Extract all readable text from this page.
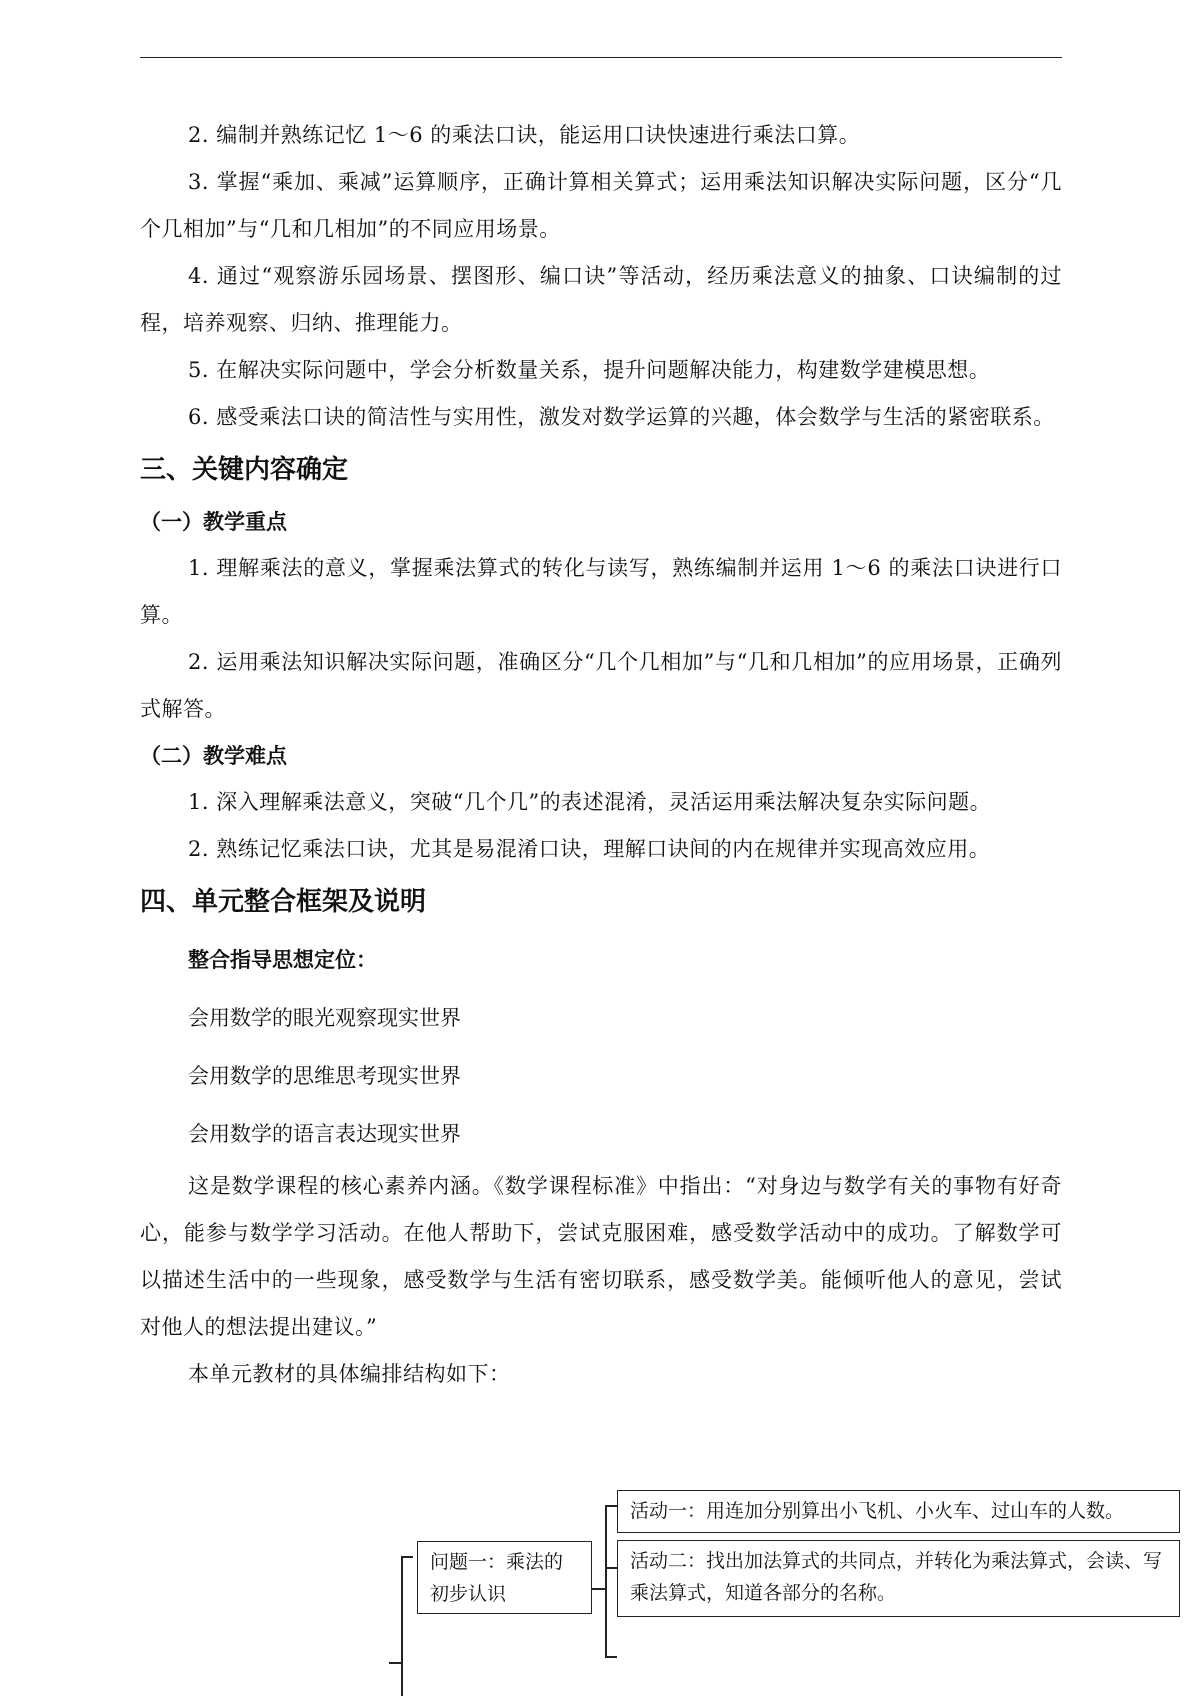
2. 编制并熟练记忆 1～6 的乘法口诀，能运用口诀快速进行乘法口算。

3. 掌握“乘加、乘减”运算顺序，正确计算相关算式；运用乘法知识解决实际问题，区分“几个几相加”与“几和几相加”的不同应用场景。

4. 通过“观察游乐园场景、摆图形、编口诀”等活动，经历乘法意义的抽象、口诀编制的过程，培养观察、归纳、推理能力。

5. 在解决实际问题中，学会分析数量关系，提升问题解决能力，构建数学建模思想。

6. 感受乘法口诀的简洁性与实用性，激发对数学运算的兴趣，体会数学与生活的紧密联系。

三、关键内容确定
（一）教学重点

1. 理解乘法的意义，掌握乘法算式的转化与读写，熟练编制并运用 1～6 的乘法口诀进行口算。

2. 运用乘法知识解决实际问题，准确区分“几个几相加”与“几和几相加”的应用场景，正确列式解答。

（二）教学难点

1. 深入理解乘法意义，突破“几个几”的表述混淆，灵活运用乘法解决复杂实际问题。

2. 熟练记忆乘法口诀，尤其是易混淆口诀，理解口诀间的内在规律并实现高效应用。

四、单元整合框架及说明

整合指导思想定位：

会用数学的眼光观察现实世界

会用数学的思维思考现实世界

会用数学的语言表达现实世界

这是数学课程的核心素养内涵。《数学课程标准》中指出：“对身边与数学有关的事物有好奇心，能参与数学学习活动。在他人帮助下，尝试克服困难，感受数学活动中的成功。了解数学可以描述生活中的一些现象，感受数学与生活有密切联系，感受数学美。能倾听他人的意见，尝试对他人的想法提出建议。”

本单元教材的具体编排结构如下：

问题一：乘法的初步认识
活动一：用连加分别算出小飞机、小火车、过山车的人数。
活动二：找出加法算式的共同点，并转化为乘法算式，会读、写乘法算式，知道各部分的名称。
